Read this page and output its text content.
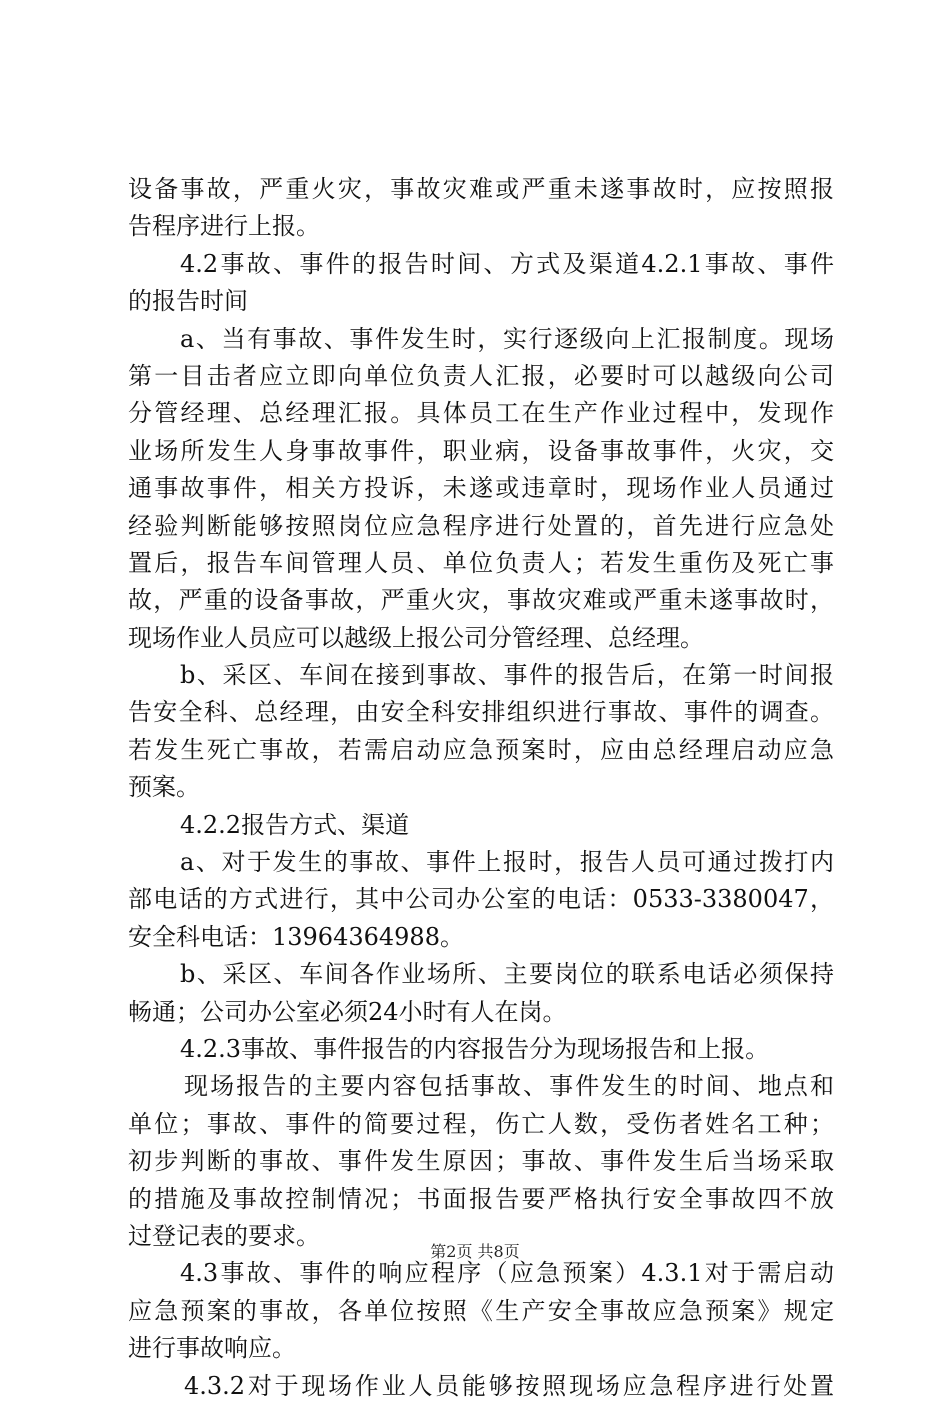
设备事故，严重火灾，事故灾难或严重未遂事故时，应按照报
告程序进行上报。
4.2事故、事件的报告时间、方式及渠道4.2.1事故、事件
的报告时间
a、当有事故、事件发生时，实行逐级向上汇报制度。现场
第一目击者应立即向单位负责人汇报，必要时可以越级向公司
分管经理、总经理汇报。具体员工在生产作业过程中，发现作
业场所发生人身事故事件，职业病，设备事故事件，火灾，交
通事故事件，相关方投诉，未遂或违章时，现场作业人员通过
经验判断能够按照岗位应急程序进行处置的，首先进行应急处
置后，报告车间管理人员、单位负责人；若发生重伤及死亡事
故，严重的设备事故，严重火灾，事故灾难或严重未遂事故时，
现场作业人员应可以越级上报公司分管经理、总经理。
b、采区、车间在接到事故、事件的报告后，在第一时间报
告安全科、总经理，由安全科安排组织进行事故、事件的调查。
若发生死亡事故，若需启动应急预案时，应由总经理启动应急
预案。
4.2.2报告方式、渠道
a、对于发生的事故、事件上报时，报告人员可通过拨打内
部电话的方式进行，其中公司办公室的电话：0533-3380047，
安全科电话：13964364988。
b、采区、车间各作业场所、主要岗位的联系电话必须保持
畅通；公司办公室必须24小时有人在岗。
4.2.3事故、事件报告的内容报告分为现场报告和上报。
现场报告的主要内容包括事故、事件发生的时间、地点和
单位；事故、事件的简要过程，伤亡人数，受伤者姓名工种；
初步判断的事故、事件发生原因；事故、事件发生后当场采取
的措施及事故控制情况；书面报告要严格执行安全事故四不放
过登记表的要求。
4.3事故、事件的响应程序（应急预案）4.3.1对于需启动
应急预案的事故，各单位按照《生产安全事故应急预案》规定
进行事故响应。
4.3.2对于现场作业人员能够按照现场应急程序进行处置
第2页 共8页
